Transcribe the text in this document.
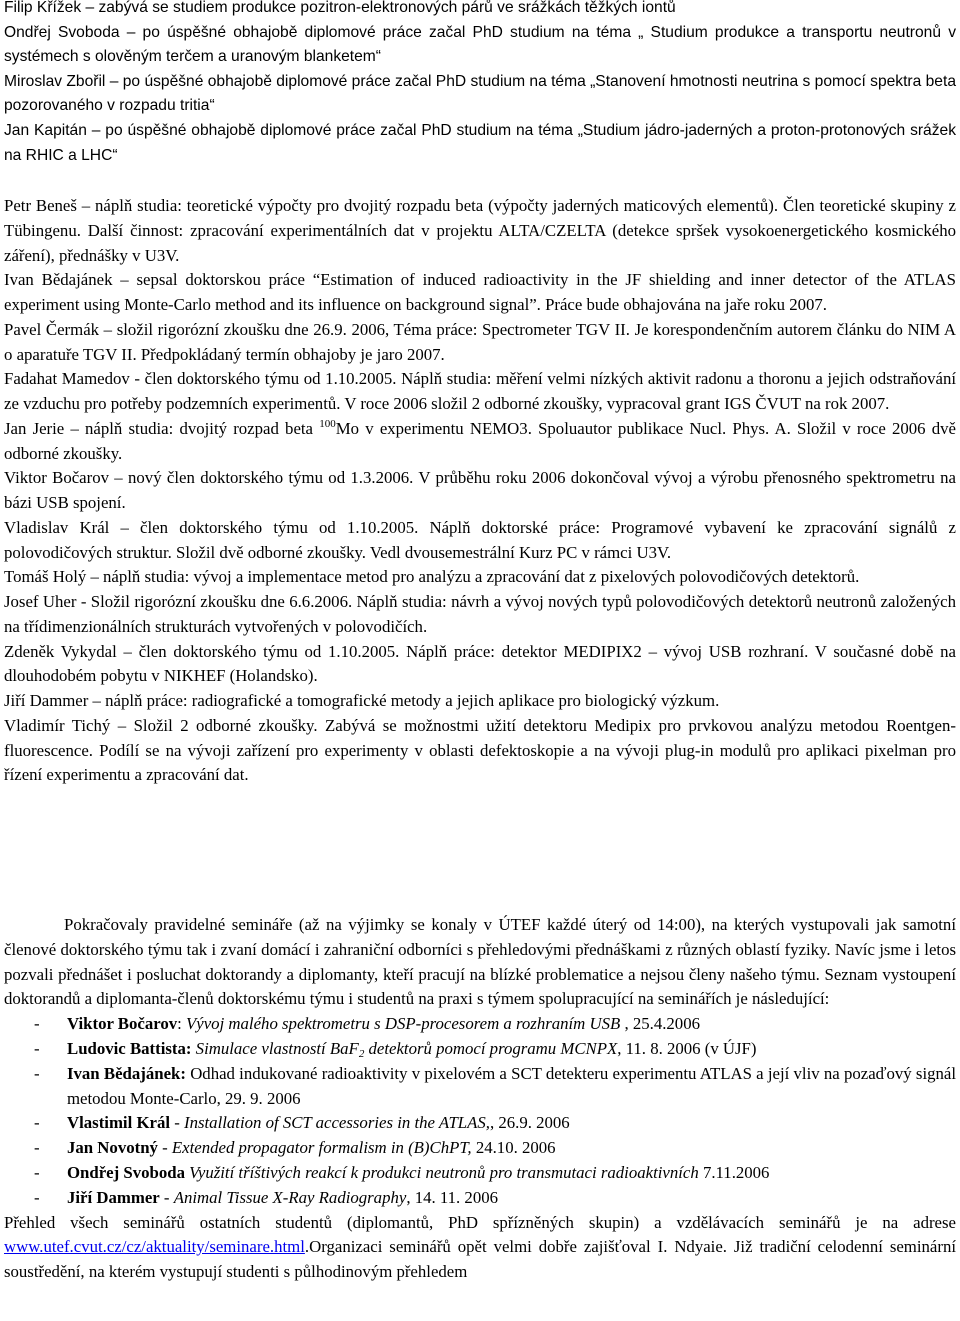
Filip Křížek – zabývá se studiem produkce pozitron-elektronových párů ve srážkách těžkých iontů

Ondřej Svoboda – po úspěšné obhajobě diplomové práce začal PhD studium na téma „ Studium produkce a transportu neutronů v systémech s olověným terčem a uranovým blanketem“

Miroslav Zbořil – po úspěšné obhajobě diplomové práce začal PhD studium na téma „Stanovení hmotnosti neutrina s pomocí spektra beta pozorovaného v rozpadu tritia“

Jan Kapitán – po úspěšné obhajobě diplomové práce začal PhD studium na téma „Studium jádro-jaderných a proton-protonových srážek na RHIC a LHC“

Petr Beneš – náplň studia: teoretické výpočty pro dvojitý rozpadu beta (výpočty jaderných maticových elementů). Člen teoretické skupiny z Tübingenu. Další činnost: zpracování experimentálních dat v projektu ALTA/CZELTA (detekce spršek vysokoenergetického kosmického záření), přednášky v U3V.

Ivan Bědajánek – sepsal doktorskou práce “Estimation of induced radioactivity in the JF shielding and inner detector of the ATLAS experiment using Monte-Carlo method and its influence on background signal”. Práce bude obhajována na jaře roku 2007.

Pavel Čermák – složil rigorózní zkoušku dne 26.9. 2006, Téma práce: Spectrometer TGV II. Je korespondenčním autorem článku do NIM A o aparatuře TGV II. Předpokládaný termín obhajoby je jaro 2007.

Fadahat Mamedov - člen doktorského týmu od 1.10.2005. Náplň studia: měření velmi nízkých aktivit radonu a thoronu a jejich odstraňování ze vzduchu pro potřeby podzemních experimentů. V roce 2006 složil 2 odborné zkoušky, vypracoval grant IGS ČVUT na rok 2007.

Jan Jerie – náplň studia: dvojitý rozpad beta $^{100}$Mo v experimentu NEMO3. Spoluautor publikace Nucl. Phys. A. Složil v roce 2006 dvě odborné zkoušky.

Viktor Bočarov – nový člen doktorského týmu od 1.3.2006. V průběhu roku 2006 dokončoval vývoj a výrobu přenosného spektrometru na bázi USB spojení.

Vladislav Král – člen doktorského týmu od 1.10.2005. Náplň doktorské práce: Programové vybavení ke zpracování signálů z polovodičových struktur. Složil dvě odborné zkoušky. Vedl dvousemestrální Kurz PC v rámci U3V.

Tomáš Holý – náplň studia: vývoj a implementace metod pro analýzu a zpracování dat z pixelových polovodičových detektorů.

Josef Uher - Složil rigorózní zkoušku dne 6.6.2006. Náplň studia: návrh a vývoj nových typů polovodičových detektorů neutronů založených na třídimenzionálních strukturách vytvořených v polovodičích.

Zdeněk Vykydal – člen doktorského týmu od 1.10.2005. Náplň práce: detektor MEDIPIX2 – vývoj USB rozhraní. V současné době na dlouhodobém pobytu v NIKHEF (Holandsko).

Jiří Dammer – náplň práce: radiografické a tomografické metody a jejich aplikace pro biologický výzkum.

Vladimír Tichý – Složil 2 odborné zkoušky. Zabývá se možnostmi užití detektoru Medipix pro prvkovou analýzu metodou Roentgen-fluorescence. Podílí se na vývoji zařízení pro experimenty v oblasti defektoskopie a na vývoji plug-in modulů pro aplikaci pixelman pro řízení experimentu a zpracování dat.

Pokračovaly pravidelné semináře (až na výjimky se konaly v ÚTEF každé úterý od 14:00), na kterých vystupovali jak samotní členové doktorského týmu tak i zvaní domácí i zahraniční odborníci s přehledovými přednáškami z různých oblastí fyziky. Navíc jsme i letos pozvali přednášet i posluchat doktorandy a diplomanty, kteří pracují na blízké problematice a nejsou členy našeho týmu. Seznam vystoupení doktorandů a diplomanta-členů doktorskému týmu i studentů na praxi s týmem spolupracující na seminářích je následující:

- Viktor Bočarov: Vývoj malého spektrometru s DSP-procesorem a rozhraním USB , 25.4.2006
- Ludovic Battista: Simulace vlastností BaF$_2$ detektorů pomocí programu MCNPX, 11. 8. 2006 (v ÚJF)
- Ivan Bědajánek: Odhad indukované radioaktivity v pixelovém a SCT detekteru experimentu ATLAS a její vliv na pozaďový signál metodou Monte-Carlo, 29. 9. 2006
- Vlastimil Král - Installation of SCT accessories in the ATLAS,, 26.9. 2006
- Jan Novotný - Extended propagator formalism in (B)ChPT, 24.10. 2006
- Ondřej Svoboda Využití tříštivých reakcí k produkci neutronů pro transmutaci radioaktivních 7.11.2006
- Jiří Dammer - Animal Tissue X-Ray Radiography, 14. 11. 2006

Přehled všech seminářů ostatních studentů (diplomantů, PhD spřízněných skupin) a vzdělávacích seminářů je na adrese www.utef.cvut.cz/cz/aktuality/seminare.html.Organizaci seminářů opět velmi dobře zajišťoval I. Ndyaie. Již tradiční celodenní seminární soustředění, na kterém vystupují studenti s půlhodinovým přehledem
